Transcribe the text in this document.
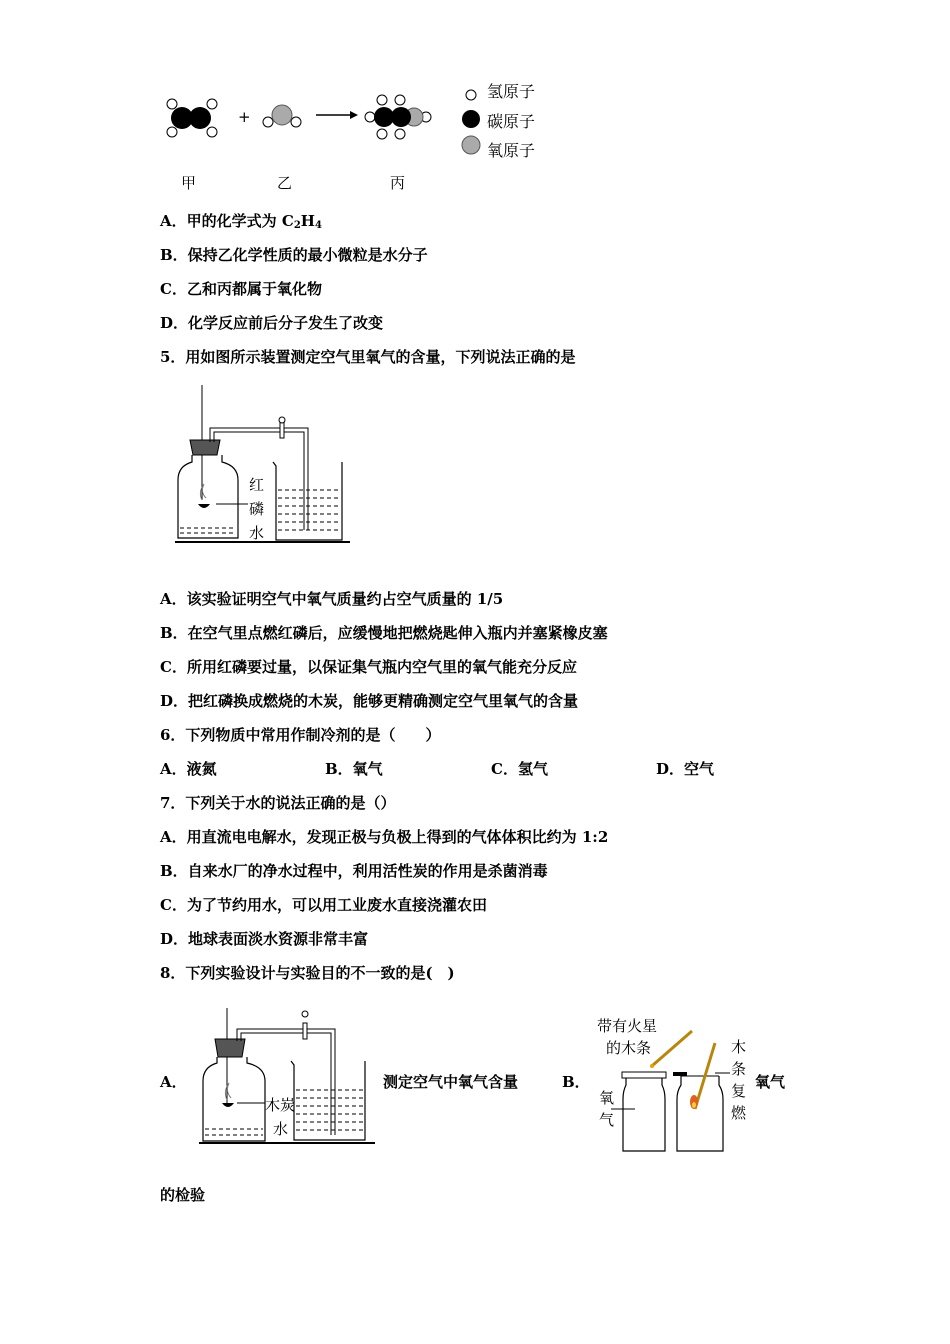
+
氢原子
碳原子
氧原子
甲	乙	丙
A．甲的化学式为 $C_2H_4$
B．保持乙化学性质的最小微粒是水分子
C．乙和丙都属于氧化物
D．化学反应前后分子发生了改变
5．用如图所示装置测定空气里氧气的含量，下列说法正确的是
红
磷
水
A．该实验证明空气中氧气质量约占空气质量的 1/5
B．在空气里点燃红磷后，应缓慢地把燃烧匙伸入瓶内并塞紧橡皮塞
C．所用红磷要过量，以保证集气瓶内空气里的氧气能充分反应
D．把红磷换成燃烧的木炭，能够更精确测定空气里氧气的含量
6．下列物质中常用作制冷剂的是（　　）
A．液氮	B．氧气	C．氢气	D．空气
7．下列关于水的说法正确的是（）
A．用直流电电解水，发现正极与负极上得到的气体体积比约为 1:2
B．自来水厂的净水过程中，利用活性炭的作用是杀菌消毒
C．为了节约用水，可以用工业废水直接浇灌农田
D．地球表面淡水资源非常丰富
8．下列实验设计与实验目的不一致的是(　)
A．
木炭
水
测定空气中氧气含量	B．
带有火星
的木条	木
条
复
燃
氧
气
氧气
的检验
